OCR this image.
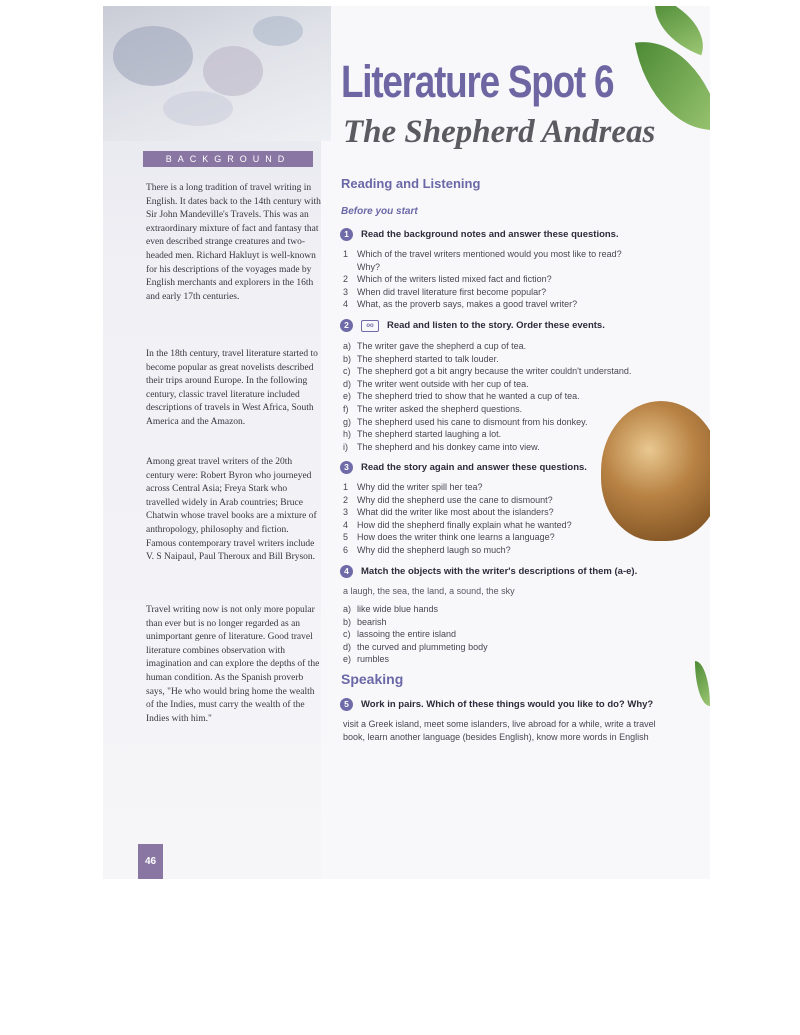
BACKGROUND

There is a long tradition of travel writing in English. It dates back to the 14th century with Sir John Mandeville's Travels. This was an extraordinary mixture of fact and fantasy that even described strange creatures and two-headed men. Richard Hakluyt is well-known for his descriptions of the voyages made by English merchants and explorers in the 16th and early 17th centuries.

In the 18th century, travel literature started to become popular as great novelists described their trips around Europe. In the following century, classic travel literature included descriptions of travels in West Africa, South America and the Amazon.

Among great travel writers of the 20th century were: Robert Byron who journeyed across Central Asia; Freya Stark who travelled widely in Arab countries; Bruce Chatwin whose travel books are a mixture of anthropology, philosophy and fiction. Famous contemporary travel writers include V. S Naipaul, Paul Theroux and Bill Bryson.

Travel writing now is not only more popular than ever but is no longer regarded as an unimportant genre of literature. Good travel literature combines observation with imagination and can explore the depths of the human condition. As the Spanish proverb says, "He who would bring home the wealth of the Indies, must carry the wealth of the Indies with him."

Literature Spot 6
The Shepherd Andreas
Reading and Listening
Before you start
1	Read the background notes and answer these questions.
1 Which of the travel writers mentioned would you most like to read?
Why?
2 Which of the writers listed mixed fact and fiction?
3 When did travel literature first become popular?
4 What, as the proverb says, makes a good travel writer?
2	oo	Read and listen to the story. Order these events.
a) The writer gave the shepherd a cup of tea.
b) The shepherd started to talk louder.
c) The shepherd got a bit angry because the writer couldn't understand.
d) The writer went outside with her cup of tea.
e) The shepherd tried to show that he wanted a cup of tea.
f) The writer asked the shepherd questions.
g) The shepherd used his cane to dismount from his donkey.
h) The shepherd started laughing a lot.
i) The shepherd and his donkey came into view.
3	Read the story again and answer these questions.
1 Why did the writer spill her tea?
2 Why did the shepherd use the cane to dismount?
3 What did the writer like most about the islanders?
4 How did the shepherd finally explain what he wanted?
5 How does the writer think one learns a language?
6 Why did the shepherd laugh so much?
4	Match the objects with the writer's descriptions of them (a-e).
a laugh, the sea, the land, a sound, the sky
a) like wide blue hands
b) bearish
c) lassoing the entire island
d) the curved and plummeting body
e) rumbles
Speaking
5	Work in pairs. Which of these things would you like to do? Why?

visit a Greek island, meet some islanders, live abroad for a while, write a travel book, learn another language (besides English), know more words in English

46
